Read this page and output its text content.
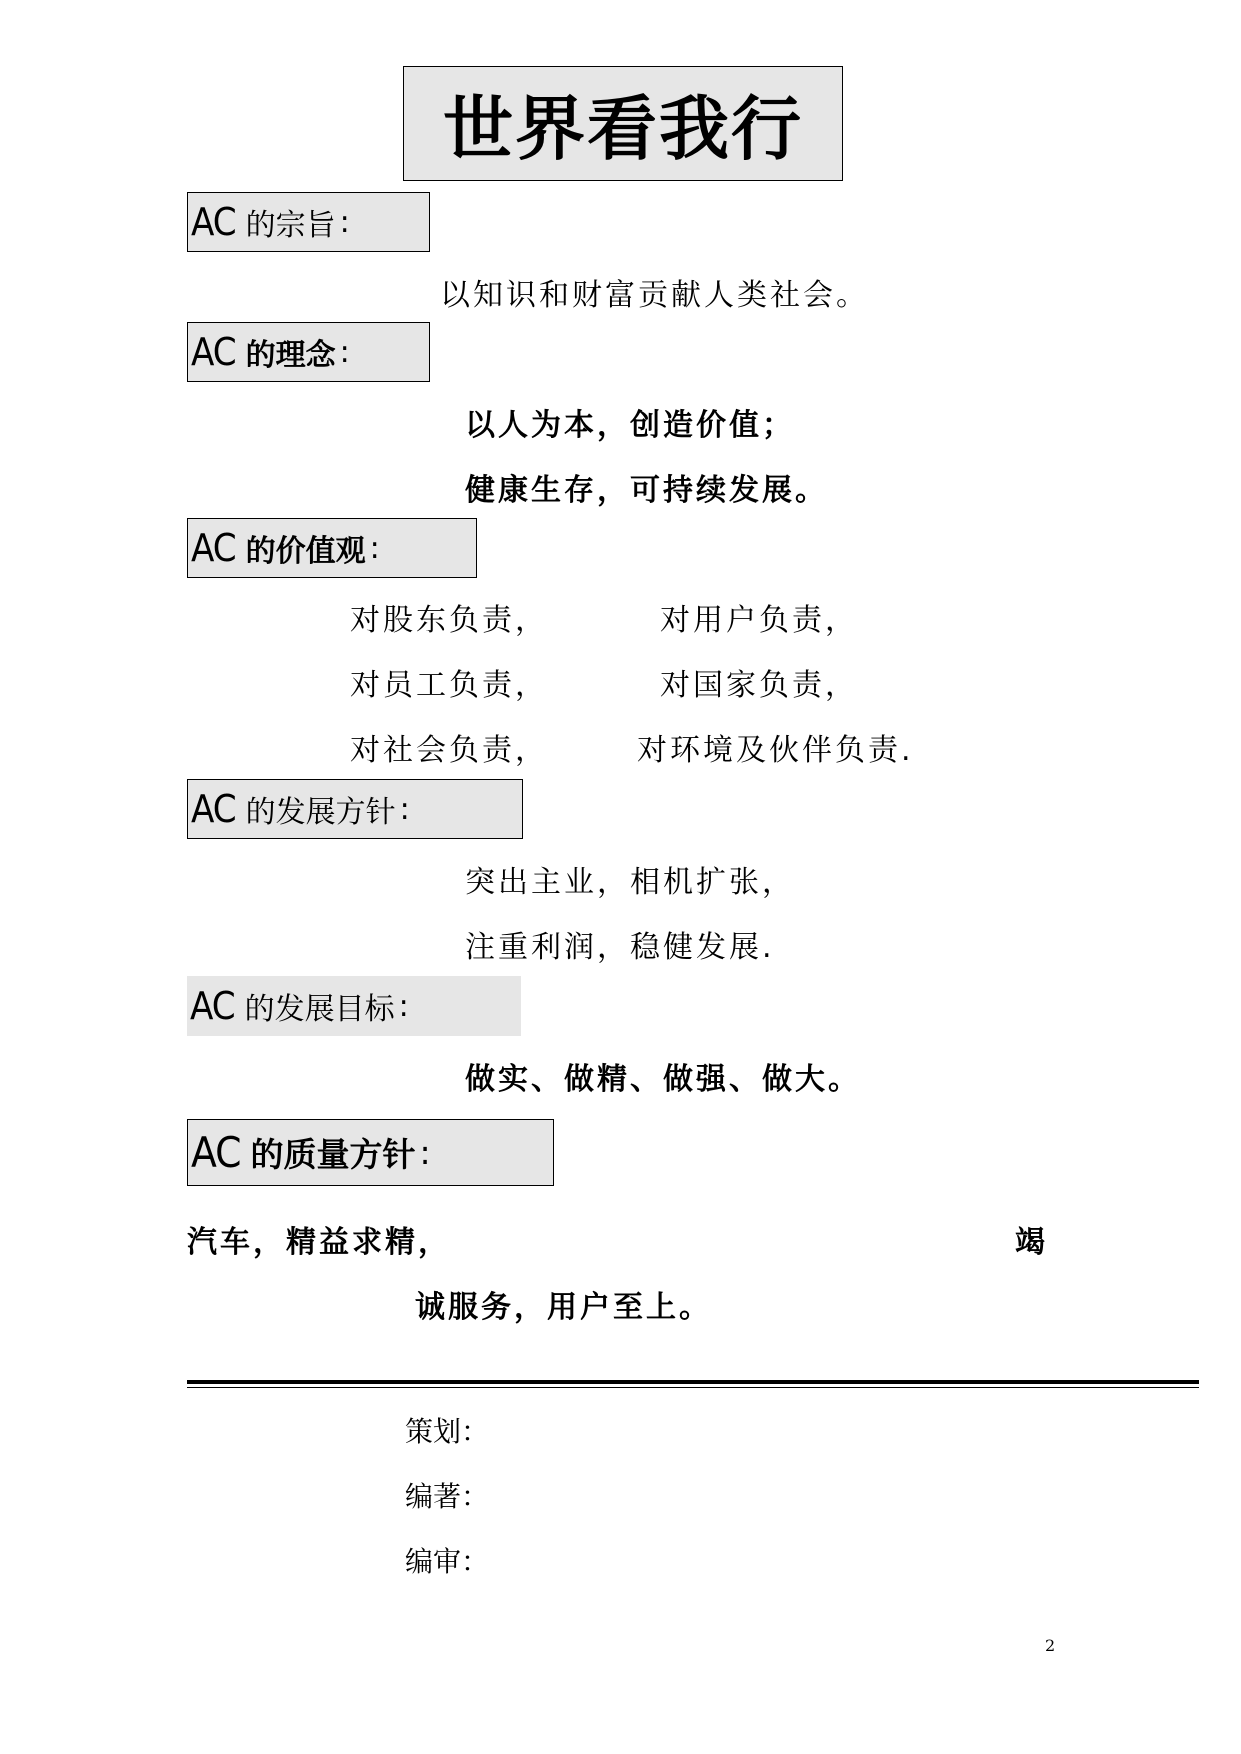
世界看我行
AC 的宗旨 :
以知识和财富贡献人类社会。
AC 的理念 :
以人为本，创造价值；
健康生存，可持续发展。
AC 的价值观 :
对股东负责，	对用户负责，
对员工负责，	对国家负责，
对社会负责，	对环境及伙伴负责.
AC 的发展方针 :
突出主业，相机扩张，
注重利润，稳健发展.
AC 的发展目标 :
做实、做精、做强、做大。
AC 的质量方针 :
汽车，精益求精，	竭
诚服务，用户至上。
策划：
编著：
编审：
2
